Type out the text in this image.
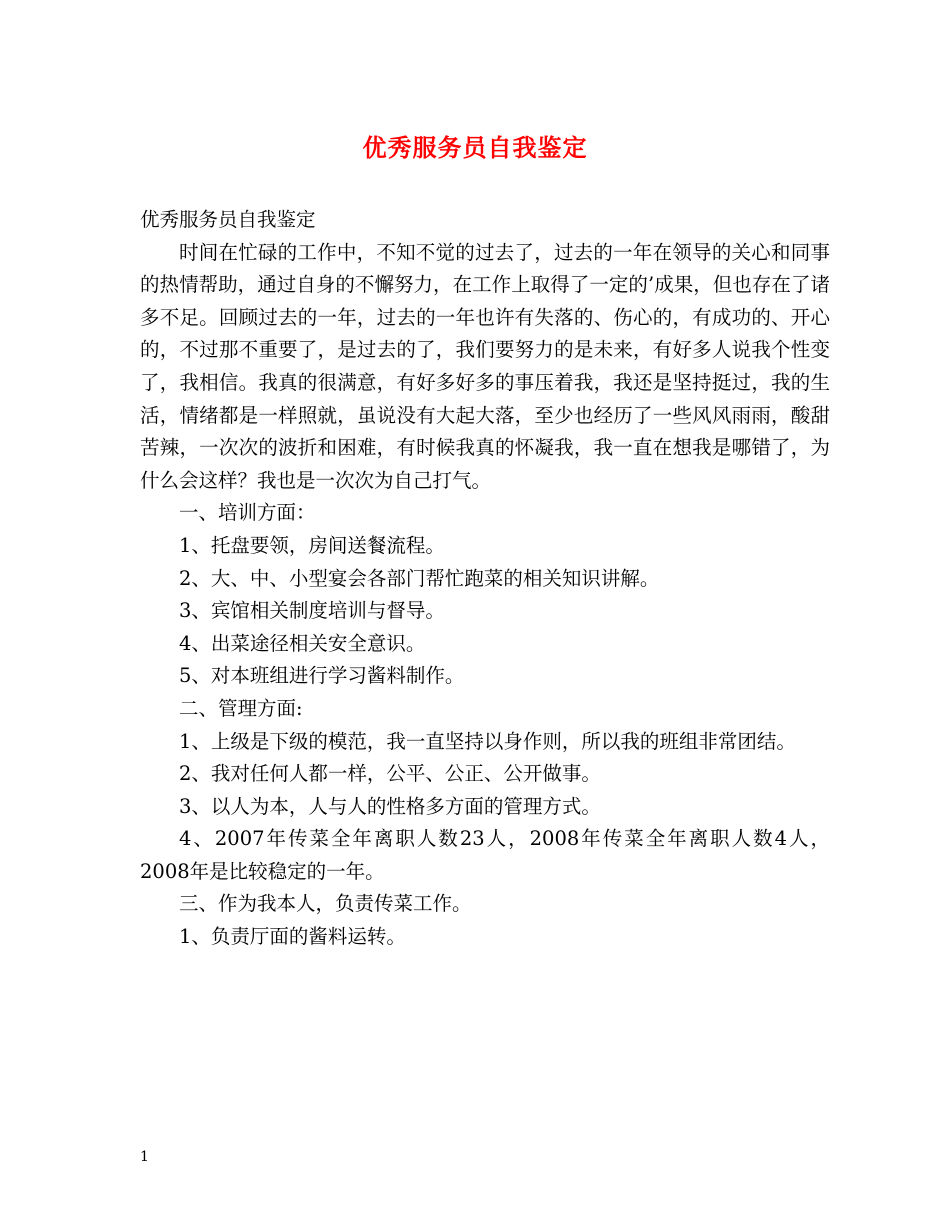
优秀服务员自我鉴定

优秀服务员自我鉴定

时间在忙碌的工作中，不知不觉的过去了，过去的一年在领导的关心和同事的热情帮助，通过自身的不懈努力，在工作上取得了一定的’成果，但也存在了诸多不足。回顾过去的一年，过去的一年也许有失落的、伤心的，有成功的、开心的，不过那不重要了，是过去的了，我们要努力的是未来，有好多人说我个性变了，我相信。我真的很满意，有好多好多的事压着我，我还是坚持挺过，我的生活，情绪都是一样照就，虽说没有大起大落，至少也经历了一些风风雨雨，酸甜苦辣，一次次的波折和困难，有时候我真的怀凝我，我一直在想我是哪错了，为什么会这样？我也是一次次为自己打气。

一、培训方面：

1、托盘要领，房间送餐流程。

2、大、中、小型宴会各部门帮忙跑菜的相关知识讲解。

3、宾馆相关制度培训与督导。

4、出菜途径相关安全意识。

5、对本班组进行学习酱料制作。

二、管理方面:

1、上级是下级的模范，我一直坚持以身作则，所以我的班组非常团结。

2、我对任何人都一样，公平、公正、公开做事。

3、以人为本，人与人的性格多方面的管理方式。

4、2007年传菜全年离职人数23人，2008年传菜全年离职人数4人， 2008年是比较稳定的一年。

三、作为我本人，负责传菜工作。

1、负责厅面的酱料运转。

1
